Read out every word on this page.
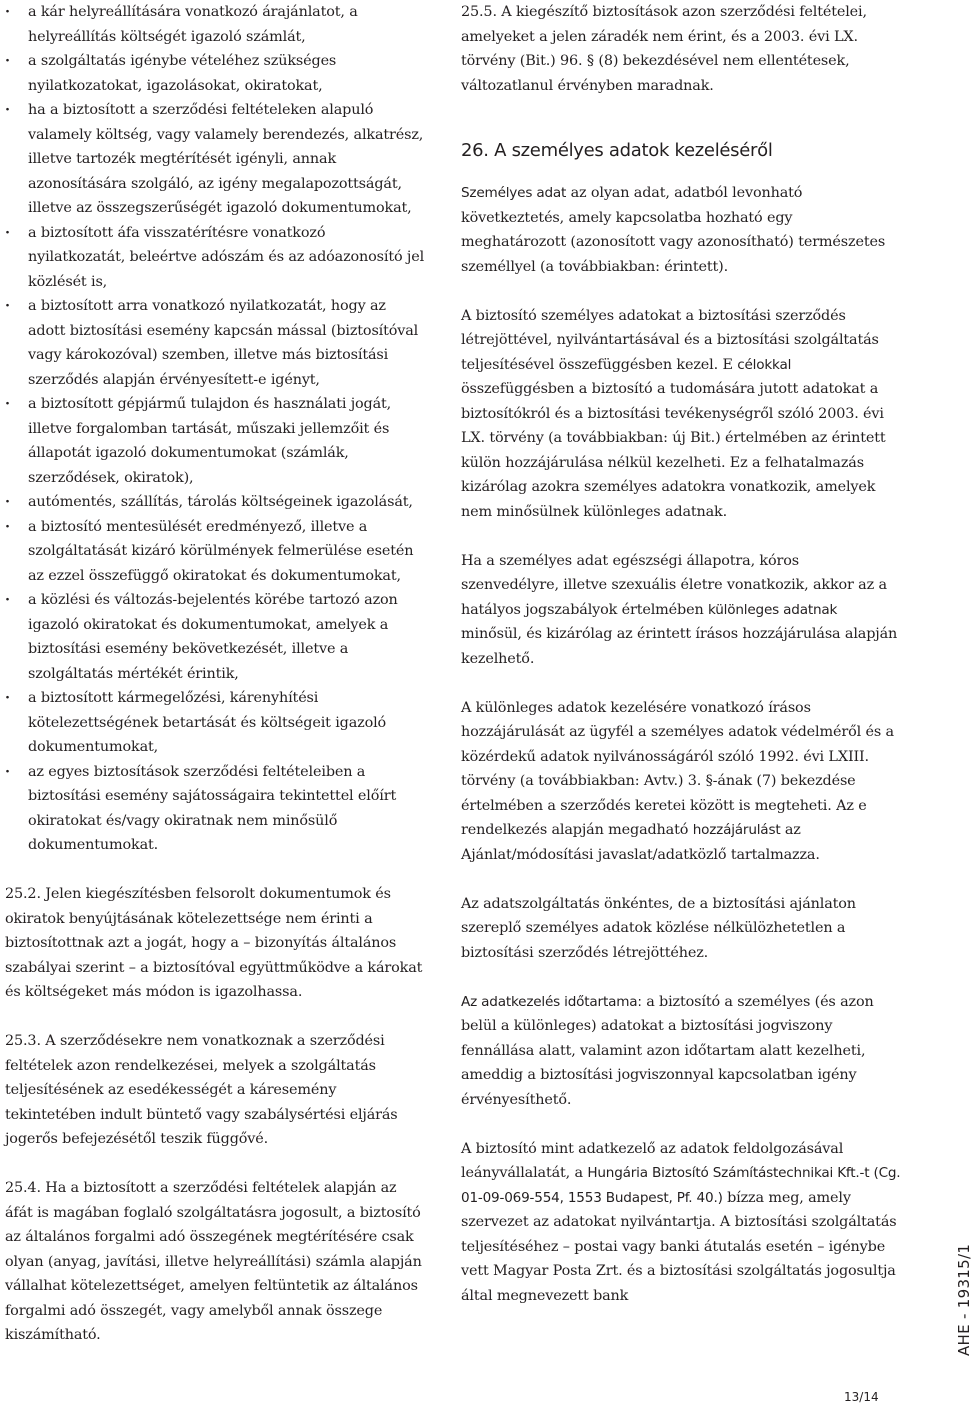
· a kár helyreállítására vonatkozó árajánlatot, a helyreállítás költségét igazoló számlát,
· a szolgáltatás igénybe vételéhez szükséges nyilatkozatokat, igazolásokat, okiratokat,
· ha a biztosított a szerződési feltételeken alapuló valamely költség, vagy valamely berendezés, alkatrész, illetve tartozék megtérítését igényli, annak azonosítására szolgáló, az igény megalapozottságát, illetve az összegszerűségét igazoló dokumentumokat,
· a biztosított áfa visszatérítésre vonatkozó nyilatkozatát, beleértve adószám és az adóazonosító jel közlését is,
· a biztosított arra vonatkozó nyilatkozatát, hogy az adott biztosítási esemény kapcsán mással (biztosítóval vagy károkozóval) szemben, illetve más biztosítási szerződés alapján érvényesített-e igényt,
· a biztosított gépjármű tulajdon és használati jogát, illetve forgalomban tartását, műszaki jellemzőit és állapotát igazoló dokumentumokat (számlák, szerződések, okiratok),
· autómentés, szállítás, tárolás költségeinek igazolását,
· a biztosító mentesülését eredményező, illetve a szolgáltatását kizáró körülmények felmerülése esetén az ezzel összefüggő okiratokat és dokumentumokat,
· a közlési és változás-bejelentés körébe tartozó azon igazoló okiratokat és dokumentumokat, amelyek a biztosítási esemény bekövetkezését, illetve a szolgáltatás mértékét érintik,
· a biztosított kármegelőzési, kárenyhítési kötelezettségének betartását és költségeit igazoló dokumentumokat,
· az egyes biztosítások szerződési feltételeiben a biztosítási esemény sajátosságaira tekintettel előírt okiratokat és/vagy okiratnak nem minősülő dokumentumokat.

25.2. Jelen kiegészítésben felsorolt dokumentumok és okiratok benyújtásának kötelezettsége nem érinti a biztosítottnak azt a jogát, hogy a – bizonyítás általános szabályai szerint – a biztosítóval együttműködve a károkat és költségeket más módon is igazolhassa.

25.3. A szerződésekre nem vonatkoznak a szerződési feltételek azon rendelkezései, melyek a szolgáltatás teljesítésének az esedékességét a káresemény tekintetében indult büntető vagy szabálysértési eljárás jogerős befejezésétől teszik függővé.

25.4. Ha a biztosított a szerződési feltételek alapján az áfát is magában foglaló szolgáltatásra jogosult, a biztosító az általános forgalmi adó összegének megtérítésére csak olyan (anyag, javítási, illetve helyreállítási) számla alapján vállalhat kötelezettséget, amelyen feltüntetik az általános forgalmi adó összegét, vagy amelyből annak összege kiszámítható.

25.5. A kiegészítő biztosítások azon szerződési feltételei, amelyeket a jelen záradék nem érint, és a 2003. évi LX. törvény (Bit.) 96. § (8) bekezdésével nem ellentétesek, változatlanul érvényben maradnak.

26. A személyes adatok kezeléséről

Személyes adat az olyan adat, adatból levonható következtetés, amely kapcsolatba hozható egy meghatározott (azonosított vagy azonosítható) természetes személlyel (a továbbiakban: érintett).

A biztosító személyes adatokat a biztosítási szerződés létrejöttével, nyilvántartásával és a biztosítási szolgáltatás teljesítésével összefüggésben kezel. E célokkal összefüggésben a biztosító a tudomására jutott adatokat a biztosítókról és a biztosítási tevékenységről szóló 2003. évi LX. törvény (a továbbiakban: új Bit.) értelmében az érintett külön hozzájárulása nélkül kezelheti. Ez a felhatalmazás kizárólag azokra személyes adatokra vonatkozik, amelyek nem minősülnek különleges adatnak.

Ha a személyes adat egészségi állapotra, kóros szenvedélyre, illetve szexuális életre vonatkozik, akkor az a hatályos jogszabályok értelmében különleges adatnak minősül, és kizárólag az érintett írásos hozzájárulása alapján kezelhető.

A különleges adatok kezelésére vonatkozó írásos hozzájárulását az ügyfél a személyes adatok védelméről és a közérdekű adatok nyilvánosságáról szóló 1992. évi LXIII. törvény (a továbbiakban: Avtv.) 3. §-ának (7) bekezdése értelmében a szerződés keretei között is megteheti. Az e rendelkezés alapján megadható hozzájárulást az Ajánlat/módosítási javaslat/adatközlő tartalmazza.

Az adatszolgáltatás önkéntes, de a biztosítási ajánlaton szereplő személyes adatok közlése nélkülözhetetlen a biztosítási szerződés létrejöttéhez.

Az adatkezelés időtartama: a biztosító a személyes (és azon belül a különleges) adatokat a biztosítási jogviszony fennállása alatt, valamint azon időtartam alatt kezelheti, ameddig a biztosítási jogviszonnyal kapcsolatban igény érvényesíthető.

A biztosító mint adatkezelő az adatok feldolgozásával leányvállalatát, a Hungária Biztosító Számítástechnikai Kft.-t (Cg. 01-09-069-554, 1553 Budapest, Pf. 40.) bízza meg, amely szervezet az adatokat nyilvántartja. A biztosítási szolgáltatás teljesítéséhez – postai vagy banki átutalás esetén – igénybe vett Magyar Posta Zrt. és a biztosítási szolgáltatás jogosultja által megnevezett bank	AHE - 19315/1
13/14
